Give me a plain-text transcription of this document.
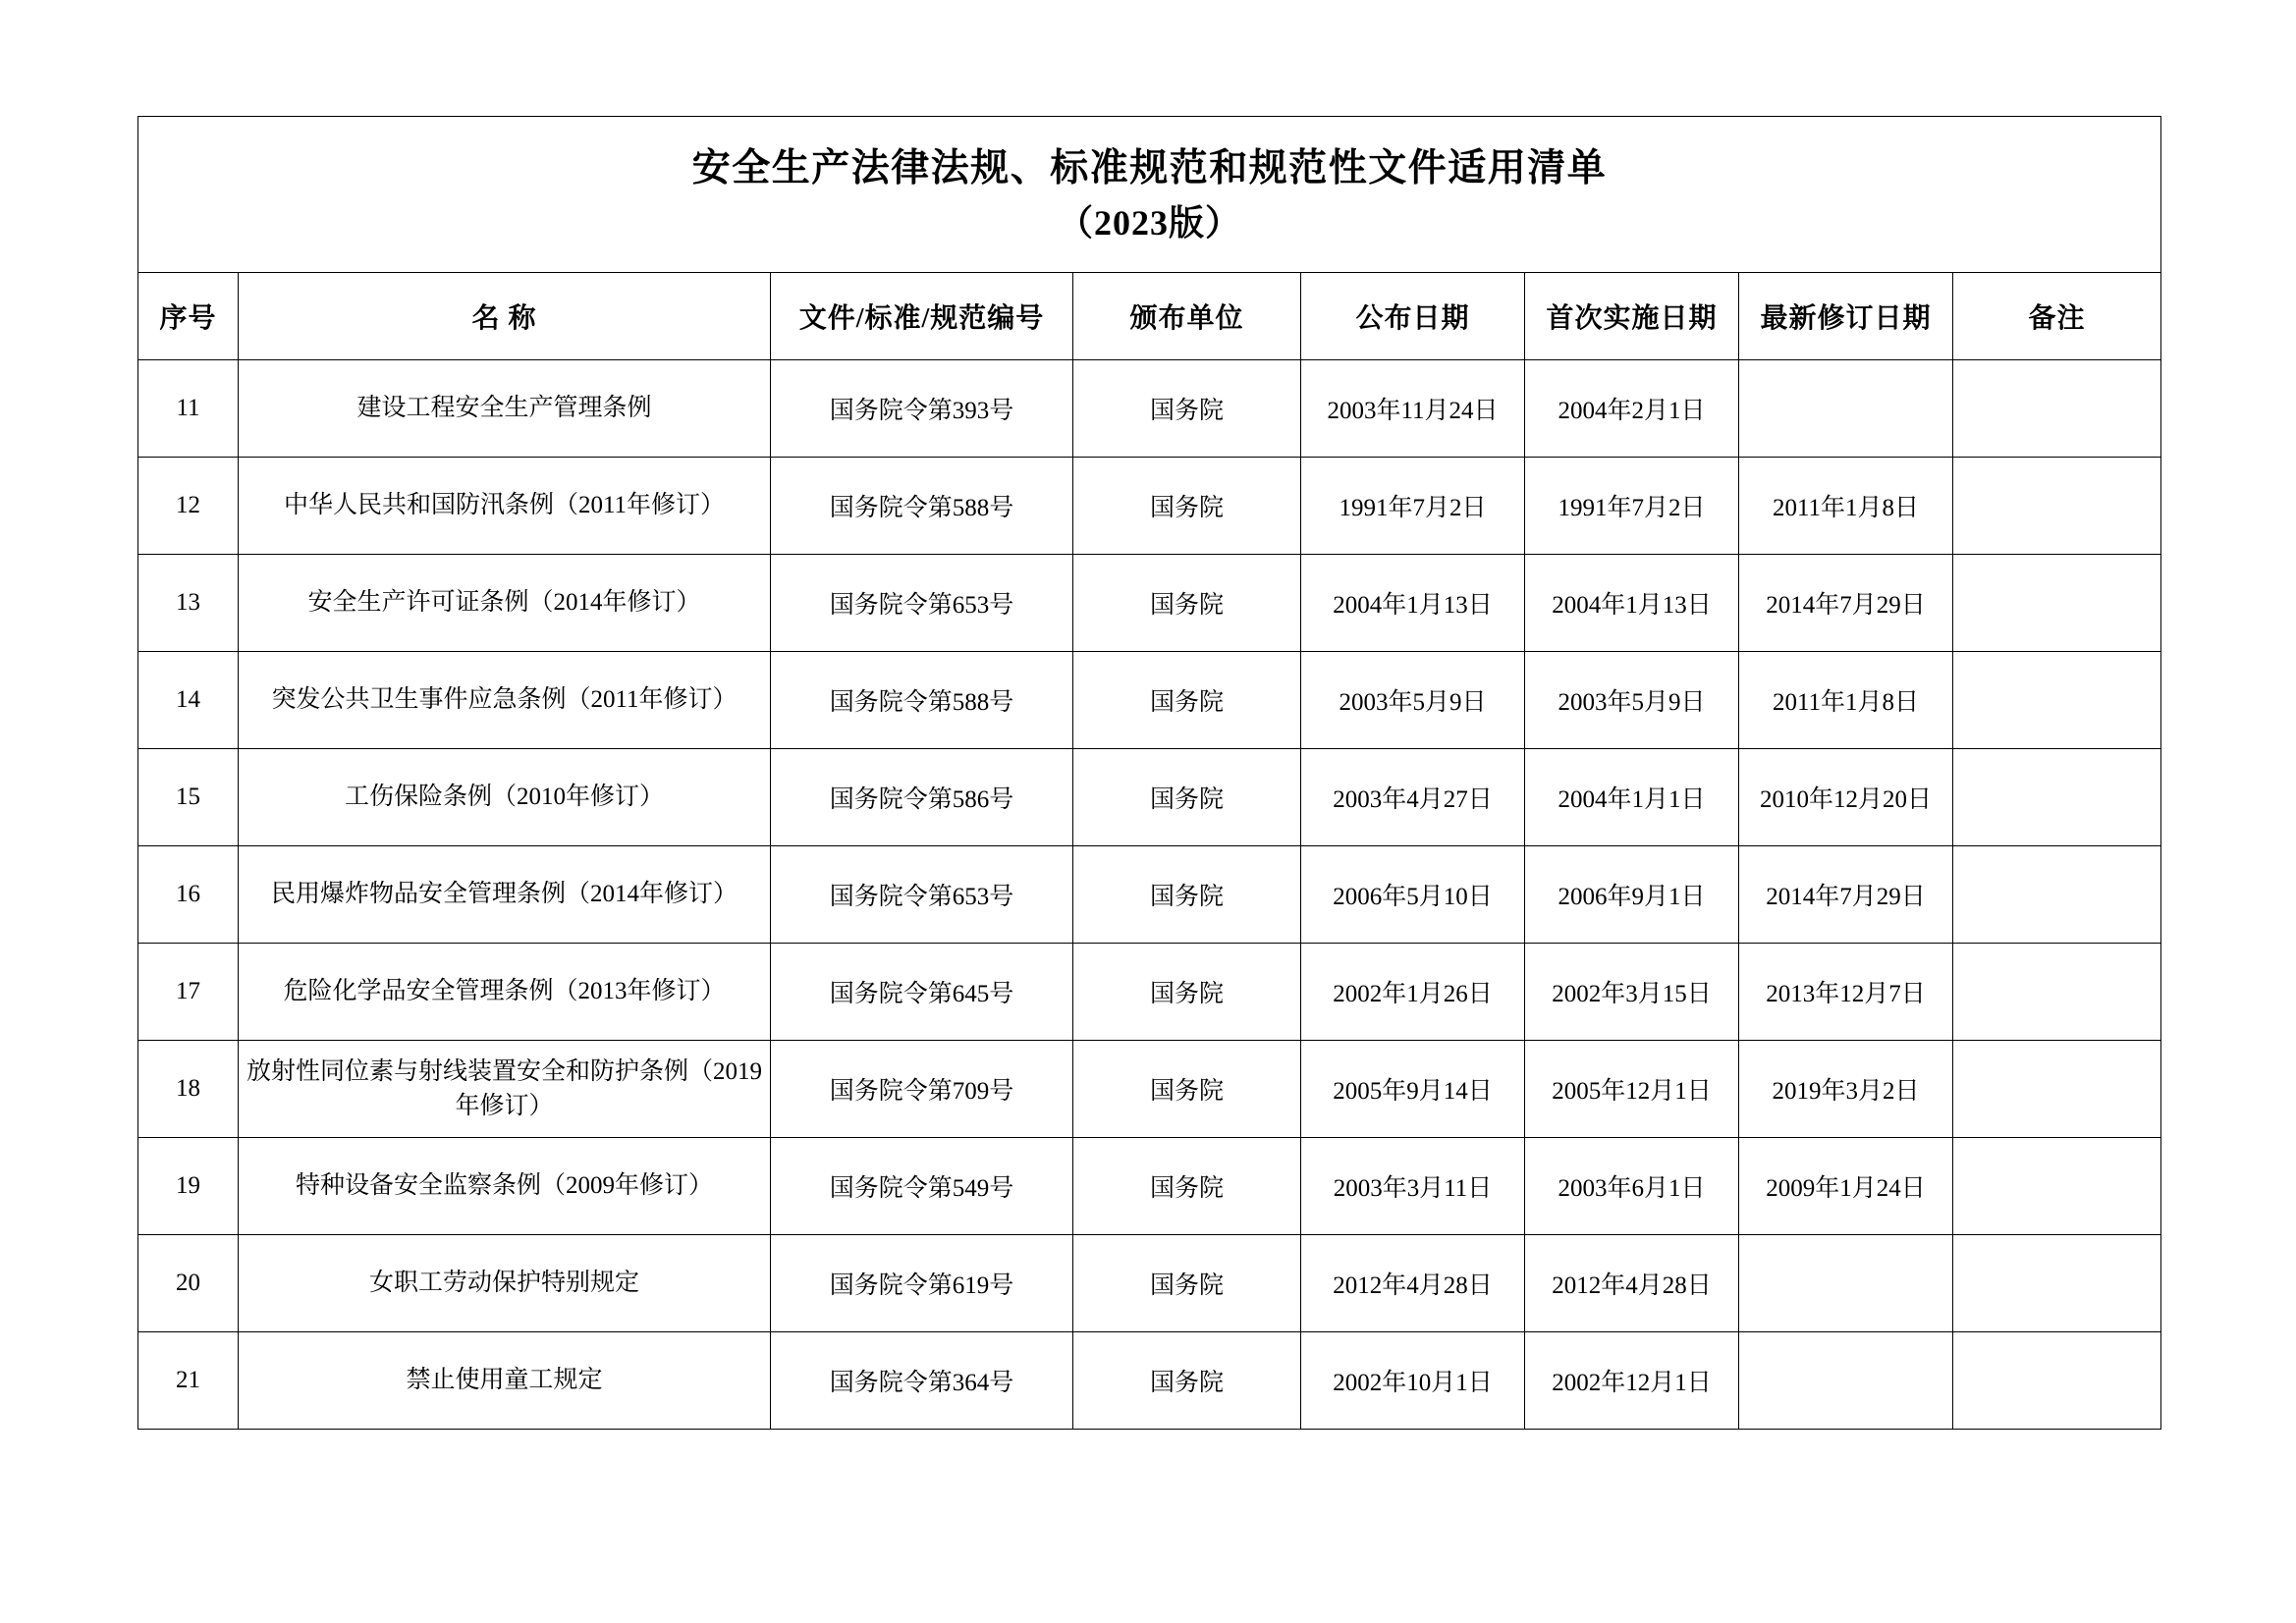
安全生产法律法规、标准规范和规范性文件适用清单
（2023版）							

序号	名 称	文件/标准/规范编号	颁布单位	公布日期	首次实施日期	最新修订日期	备注
11	建设工程安全生产管理条例	国务院令第393号	国务院	2003年11月24日	2004年2月1日		
12	中华人民共和国防汛条例（2011年修订）	国务院令第588号	国务院	1991年7月2日	1991年7月2日	2011年1月8日	
13	安全生产许可证条例（2014年修订）	国务院令第653号	国务院	2004年1月13日	2004年1月13日	2014年7月29日	
14	突发公共卫生事件应急条例（2011年修订）	国务院令第588号	国务院	2003年5月9日	2003年5月9日	2011年1月8日	
15	工伤保险条例（2010年修订）	国务院令第586号	国务院	2003年4月27日	2004年1月1日	2010年12月20日	
16	民用爆炸物品安全管理条例（2014年修订）	国务院令第653号	国务院	2006年5月10日	2006年9月1日	2014年7月29日	
17	危险化学品安全管理条例（2013年修订）	国务院令第645号	国务院	2002年1月26日	2002年3月15日	2013年12月7日	
18	放射性同位素与射线装置安全和防护条例（2019年修订）	国务院令第709号	国务院	2005年9月14日	2005年12月1日	2019年3月2日	
19	特种设备安全监察条例（2009年修订）	国务院令第549号	国务院	2003年3月11日	2003年6月1日	2009年1月24日	
20	女职工劳动保护特别规定	国务院令第619号	国务院	2012年4月28日	2012年4月28日		
21	禁止使用童工规定	国务院令第364号	国务院	2002年10月1日	2002年12月1日		
